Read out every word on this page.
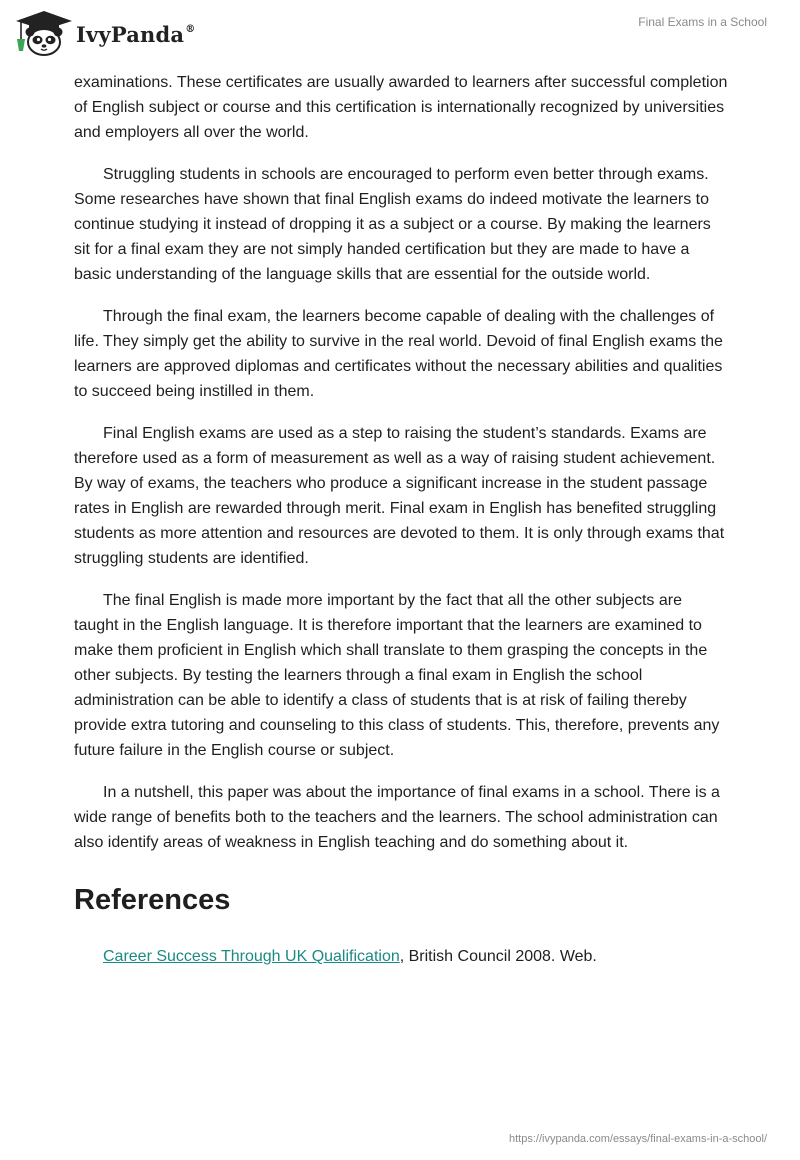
IvyPanda®	Final Exams in a School

examinations. These certificates are usually awarded to learners after successful completion of English subject or course and this certification is internationally recognized by universities and employers all over the world.

Struggling students in schools are encouraged to perform even better through exams. Some researches have shown that final English exams do indeed motivate the learners to continue studying it instead of dropping it as a subject or a course. By making the learners sit for a final exam they are not simply handed certification but they are made to have a basic understanding of the language skills that are essential for the outside world.

Through the final exam, the learners become capable of dealing with the challenges of life. They simply get the ability to survive in the real world. Devoid of final English exams the learners are approved diplomas and certificates without the necessary abilities and qualities to succeed being instilled in them.

Final English exams are used as a step to raising the student’s standards. Exams are therefore used as a form of measurement as well as a way of raising student achievement. By way of exams, the teachers who produce a significant increase in the student passage rates in English are rewarded through merit. Final exam in English has benefited struggling students as more attention and resources are devoted to them. It is only through exams that struggling students are identified.

The final English is made more important by the fact that all the other subjects are taught in the English language. It is therefore important that the learners are examined to make them proficient in English which shall translate to them grasping the concepts in the other subjects. By testing the learners through a final exam in English the school administration can be able to identify a class of students that is at risk of failing thereby provide extra tutoring and counseling to this class of students. This, therefore, prevents any future failure in the English course or subject.

In a nutshell, this paper was about the importance of final exams in a school. There is a wide range of benefits both to the teachers and the learners. The school administration can also identify areas of weakness in English teaching and do something about it.

References
Career Success Through UK Qualification, British Council 2008. Web.
https://ivypanda.com/essays/final-exams-in-a-school/
